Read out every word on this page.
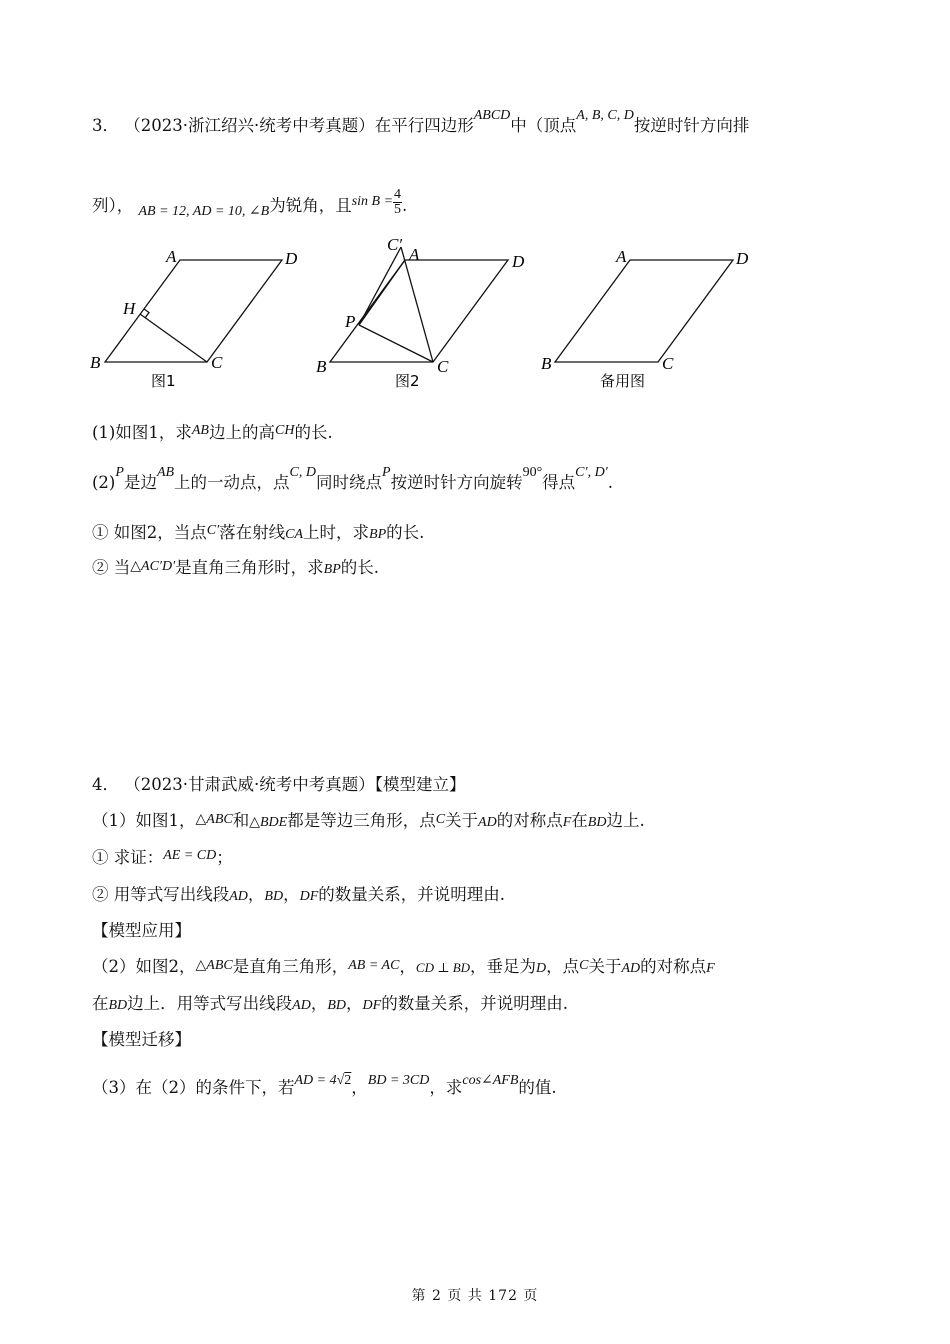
3． （2023·浙江绍兴·统考中考真题）在平行四边形$^{ABCD}$中（顶点$^{A, B, C, D}$按逆时针方向排
列）， $_{AB = 12, AD = 10, \angle B}$为锐角，且$^{sin B =} \frac{4}{5}$ .
A	D
B	C
H
图1
C′
A	D
B	C
P
图2
A	D
B	C
备用图
(1)如图1，求$^{AB}$边上的高$^{CH}$的长.
$(2)^P$是边$^{AB}$上的一动点，点$^{C, D}$同时绕点$^P$按逆时针方向旋转$^{90^\circ}$得点$^{C', D'}$.
① 如图2，当点$^{C'}$落在射线CA上时，求BP的长.
② 当△AC′D′是直角三角形时，求BP的长.
4． （2023·甘肃武威·统考中考真题）【模型建立】
（1）如图1，△ABC和△BDE都是等边三角形，点C关于AD的对称点F在BD边上.
① 求证：$^{AE = CD}$；
② 用等式写出线段AD，BD，DF的数量关系，并说明理由.
【模型应用】
（2）如图2，△ABC是直角三角形，AB = AC，CD ⊥ BD，垂足为D，点C关于AD的对称点F
在BD边上．用等式写出线段AD，BD，DF的数量关系，并说明理由.
【模型迁移】
（3）在（2）的条件下，若$^{AD = 4√2}$，$^{BD = 3CD}$，求$^{cos\angle AFB}$的值.
第 2 页 共 172 页
